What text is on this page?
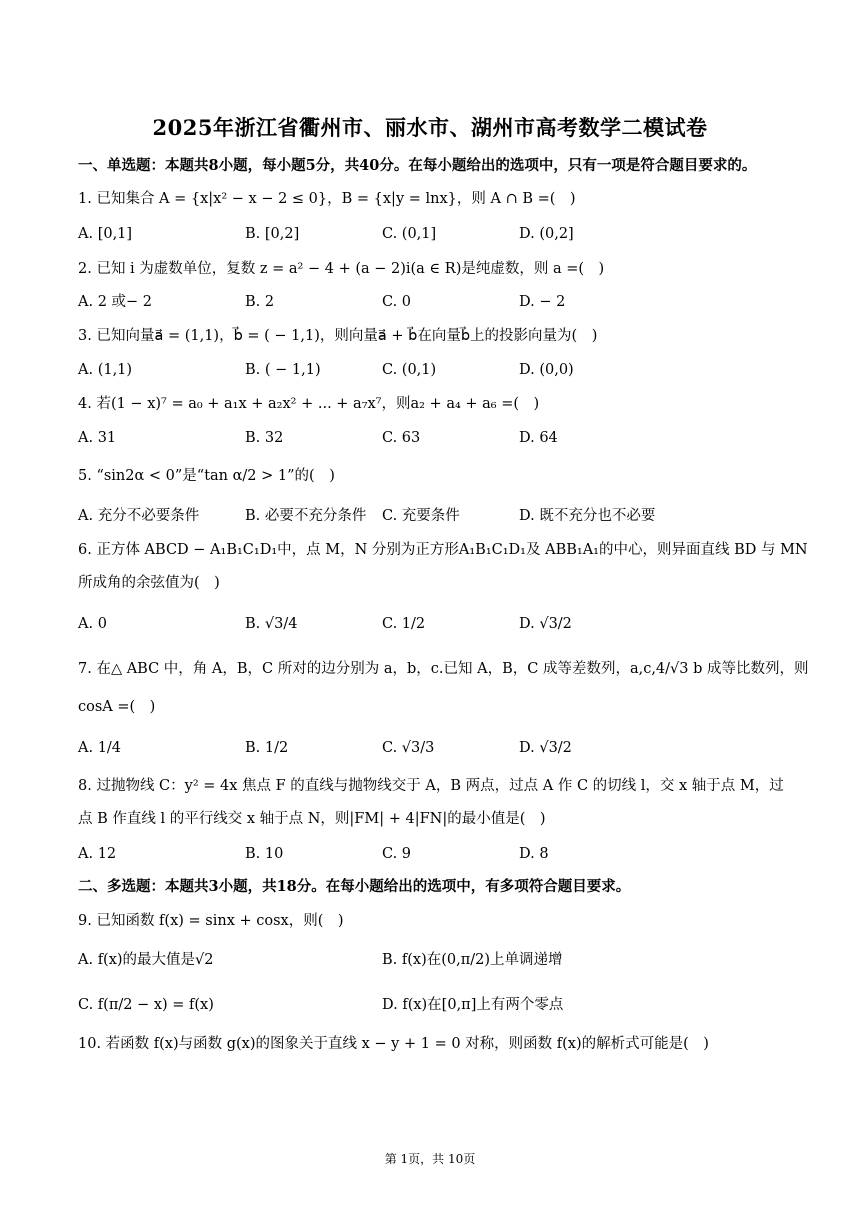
2025年浙江省衢州市、丽水市、湖州市高考数学二模试卷
一、单选题：本题共8小题，每小题5分，共40分。在每小题给出的选项中，只有一项是符合题目要求的。
1. 已知集合 A = {x|x² − x − 2 ≤ 0}，B = {x|y = lnx}，则 A ∩ B =(　)
A. [0,1]	B. [0,2]	C. (0,1]	D. (0,2]
2. 已知 i 为虚数单位，复数 z = a² − 4 + (a − 2)i(a ∈ R)是纯虚数，则 a =(　)
A. 2 或− 2	B. 2	C. 0	D. − 2
3. 已知向量a⃗ = (1,1)，b⃗ = ( − 1,1)，则向量a⃗ + b⃗在向量b⃗上的投影向量为(　)
A. (1,1)	B. ( − 1,1)	C. (0,1)	D. (0,0)
4. 若(1 − x)⁷ = a₀ + a₁x + a₂x² + ... + a₇x⁷，则a₂ + a₄ + a₆ =(　)
A. 31	B. 32	C. 63	D. 64
5. “sin2α < 0”是“tan α/2 > 1”的(　)
A. 充分不必要条件	B. 必要不充分条件 C. 充要条件	D. 既不充分也不必要
6. 正方体 ABCD − A₁B₁C₁D₁中，点 M，N 分别为正方形A₁B₁C₁D₁及 ABB₁A₁的中心，则异面直线 BD 与 MN
所成角的余弦值为(　)
A. 0	B. √3/4	C. 1/2	D. √3/2
7. 在△ ABC 中，角 A，B，C 所对的边分别为 a，b，c.已知 A，B，C 成等差数列，a,c,4/√3 b 成等比数列，则
cosA =(　)
A. 1/4	B. 1/2	C. √3/3	D. √3/2
8. 过抛物线 C：y² = 4x 焦点 F 的直线与抛物线交于 A，B 两点，过点 A 作 C 的切线 l，交 x 轴于点 M，过
点 B 作直线 l 的平行线交 x 轴于点 N，则|FM| + 4|FN|的最小值是(　)
A. 12	B. 10	C. 9	D. 8
二、多选题：本题共3小题，共18分。在每小题给出的选项中，有多项符合题目要求。
9. 已知函数 f(x) = sinx + cosx，则(　)
A. f(x)的最大值是√2	B. f(x)在(0,π/2)上单调递增
C. f(π/2 − x) = f(x)	D. f(x)在[0,π]上有两个零点
10. 若函数 f(x)与函数 g(x)的图象关于直线 x − y + 1 = 0 对称，则函数 f(x)的解析式可能是(　)
第 1页，共 10页
